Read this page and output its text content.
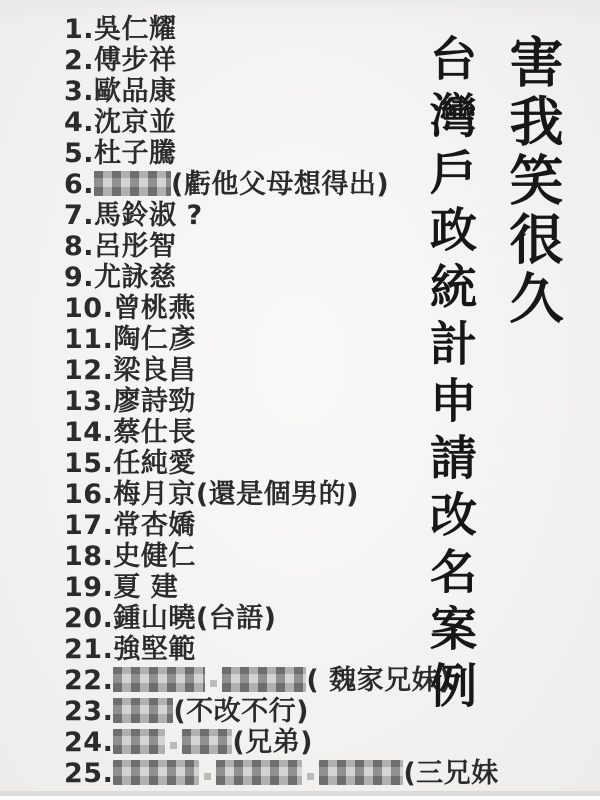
1.吳仁耀
2.傅步祥
3.歐品康
4.沈京並
5.杜子騰
6.	(虧他父母想得出)
7.馬鈴淑 ?
8.呂彤智
9.尤詠慈
10.曾桃燕
11.陶仁彥
12.梁良昌
13.廖詩勁
14.蔡仕長
15.任純愛
16.梅月京(還是個男的)
17.常杏嬌
18.史健仁
19.夏 建
20.鍾山曉(台語)
21.強堅範
22.	( 魏家兄妹)
23. (不改不行)
24.	(兄弟)
25.	(三兄妹
害我笑很久
台灣戶政統計申請改名案例
